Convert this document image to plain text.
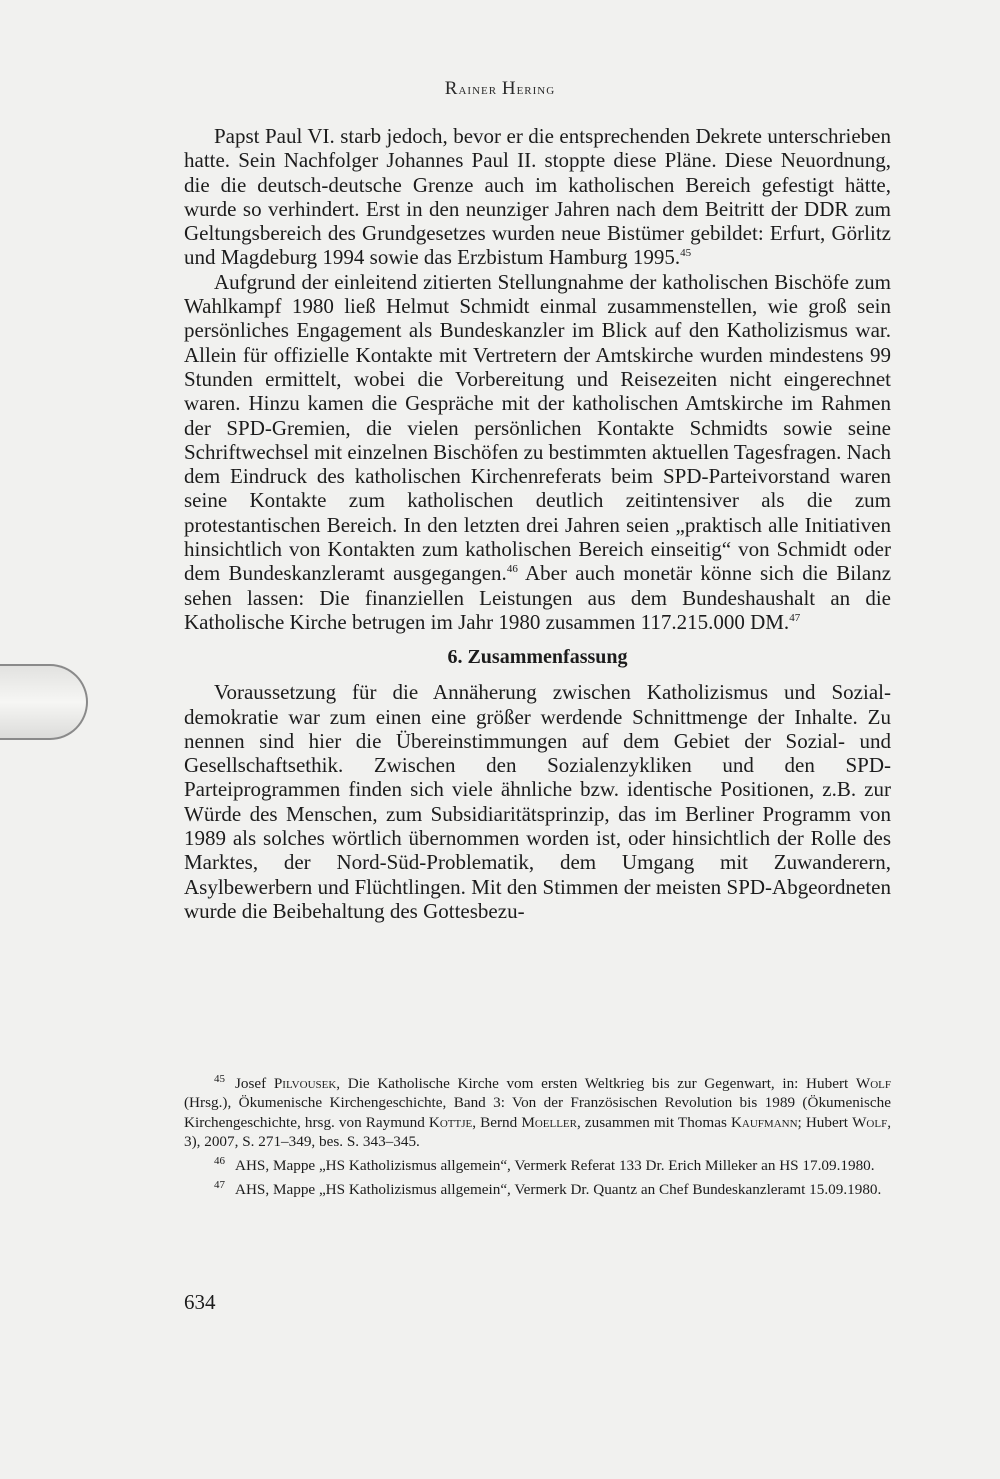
Rainer Hering

Papst Paul VI. starb jedoch, bevor er die entsprechenden Dekrete unterschrieben hatte. Sein Nachfolger Johannes Paul II. stoppte diese Pläne. Diese Neuordnung, die die deutsch-deutsche Grenze auch im katholischen Bereich gefestigt hätte, wurde so verhindert. Erst in den neunziger Jahren nach dem Beitritt der DDR zum Geltungsbereich des Grundgesetzes wurden neue Bistümer gebildet: Erfurt, Görlitz und Magdeburg 1994 sowie das Erzbistum Hamburg 1995.45

Aufgrund der einleitend zitierten Stellungnahme der katholischen Bischöfe zum Wahlkampf 1980 ließ Helmut Schmidt einmal zusammenstellen, wie groß sein persönliches Engagement als Bundeskanzler im Blick auf den Katholizismus war. Allein für offizielle Kontakte mit Vertretern der Amtskirche wurden mindestens 99 Stunden ermittelt, wobei die Vorbereitung und Reisezeiten nicht eingerechnet waren. Hinzu kamen die Gespräche mit der katholischen Amtskirche im Rahmen der SPD-Gremien, die vielen persönlichen Kontakte Schmidts sowie seine Schriftwechsel mit einzelnen Bischöfen zu bestimmten aktuellen Tagesfragen. Nach dem Eindruck des katholischen Kirchenreferats beim SPD-Parteivorstand waren seine Kontakte zum katholischen deutlich zeitintensiver als die zum protestantischen Bereich. In den letzten drei Jahren seien „praktisch alle Initiativen hinsichtlich von Kontakten zum katholischen Bereich einseitig“ von Schmidt oder dem Bundeskanzleramt ausgegangen.$^{46}$ Aber auch monetär könne sich die Bilanz sehen lassen: Die finanziellen Leistungen aus dem Bundeshaushalt an die Katholische Kirche betrugen im Jahr 1980 zusammen 117.215.000 DM.$^{47}$

6. Zusammenfassung

Voraussetzung für die Annäherung zwischen Katholizismus und Sozialdemokratie war zum einen eine größer werdende Schnittmenge der Inhalte. Zu nennen sind hier die Übereinstimmungen auf dem Gebiet der Sozial- und Gesellschaftsethik. Zwischen den Sozialenzykliken und den SPD-Parteiprogrammen finden sich viele ähnliche bzw. identische Positionen, z.B. zur Würde des Menschen, zum Subsidiaritätsprinzip, das im Berliner Programm von 1989 als solches wörtlich übernommen worden ist, oder hinsichtlich der Rolle des Marktes, der Nord-Süd-Problematik, dem Umgang mit Zuwanderern, Asylbewerbern und Flüchtlingen. Mit den Stimmen der meisten SPD-Abgeordneten wurde die Beibehaltung des Gottesbezu-

$^{45}$ Josef Pilvousek, Die Katholische Kirche vom ersten Weltkrieg bis zur Gegenwart, in: Hubert Wolf (Hrsg.), Ökumenische Kirchengeschichte, Band 3: Von der Französischen Revolution bis 1989 (Ökumenische Kirchengeschichte, hrsg. von Raymund Kottje, Bernd Moeller, zusammen mit Thomas Kaufmann; Hubert Wolf, 3), 2007, S. 271–349, bes. S. 343–345.

$^{46}$ AHS, Mappe „HS Katholizismus allgemein“, Vermerk Referat 133 Dr. Erich Milleker an HS 17.09.1980.

$^{47}$ AHS, Mappe „HS Katholizismus allgemein“, Vermerk Dr. Quantz an Chef Bundeskanzleramt 15.09.1980.

634
